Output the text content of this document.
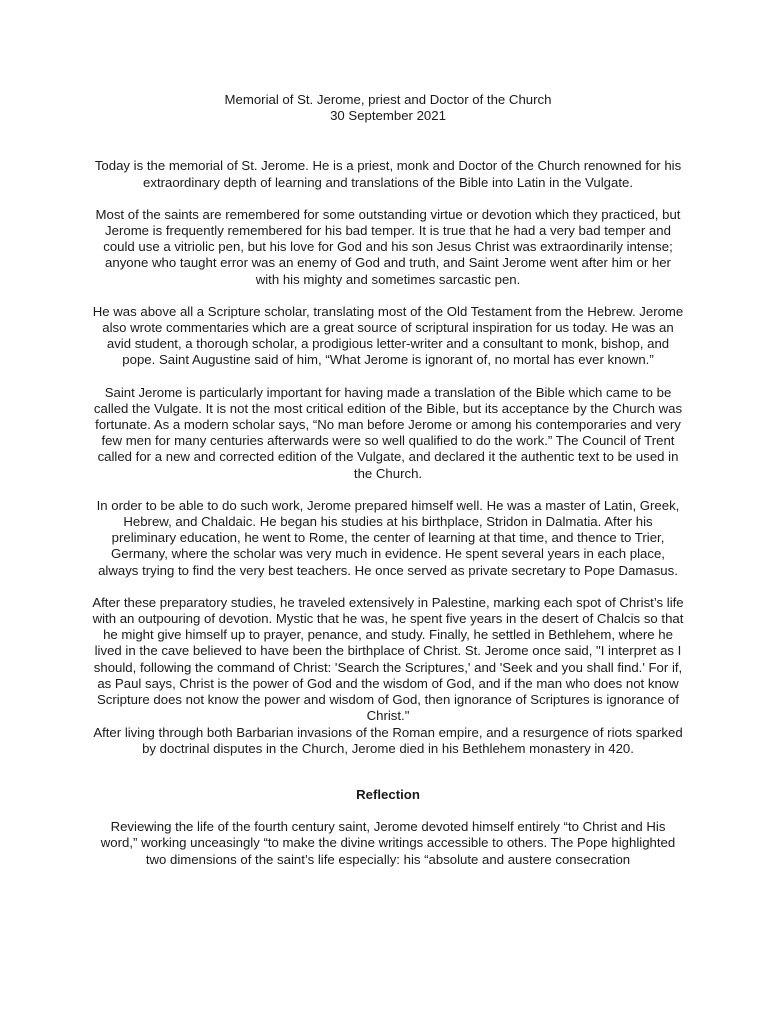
Memorial of St. Jerome, priest and Doctor of the Church
30 September 2021

Today is the memorial of St. Jerome. He is a priest, monk and Doctor of the Church renowned for his extraordinary depth of learning and translations of the Bible into Latin in the Vulgate.

Most of the saints are remembered for some outstanding virtue or devotion which they practiced, but Jerome is frequently remembered for his bad temper. It is true that he had a very bad temper and could use a vitriolic pen, but his love for God and his son Jesus Christ was extraordinarily intense; anyone who taught error was an enemy of God and truth, and Saint Jerome went after him or her with his mighty and sometimes sarcastic pen.

He was above all a Scripture scholar, translating most of the Old Testament from the Hebrew. Jerome also wrote commentaries which are a great source of scriptural inspiration for us today. He was an avid student, a thorough scholar, a prodigious letter-writer and a consultant to monk, bishop, and pope. Saint Augustine said of him, “What Jerome is ignorant of, no mortal has ever known.”

Saint Jerome is particularly important for having made a translation of the Bible which came to be called the Vulgate. It is not the most critical edition of the Bible, but its acceptance by the Church was fortunate. As a modern scholar says, “No man before Jerome or among his contemporaries and very few men for many centuries afterwards were so well qualified to do the work.” The Council of Trent called for a new and corrected edition of the Vulgate, and declared it the authentic text to be used in the Church.

In order to be able to do such work, Jerome prepared himself well. He was a master of Latin, Greek, Hebrew, and Chaldaic. He began his studies at his birthplace, Stridon in Dalmatia. After his preliminary education, he went to Rome, the center of learning at that time, and thence to Trier, Germany, where the scholar was very much in evidence. He spent several years in each place, always trying to find the very best teachers. He once served as private secretary to Pope Damasus.

After these preparatory studies, he traveled extensively in Palestine, marking each spot of Christ’s life with an outpouring of devotion. Mystic that he was, he spent five years in the desert of Chalcis so that he might give himself up to prayer, penance, and study. Finally, he settled in Bethlehem, where he lived in the cave believed to have been the birthplace of Christ. St. Jerome once said, "I interpret as I should, following the command of Christ: 'Search the Scriptures,' and 'Seek and you shall find.' For if, as Paul says, Christ is the power of God and the wisdom of God, and if the man who does not know Scripture does not know the power and wisdom of God, then ignorance of Scriptures is ignorance of Christ."

After living through both Barbarian invasions of the Roman empire, and a resurgence of riots sparked by doctrinal disputes in the Church, Jerome died in his Bethlehem monastery in 420.

Reflection

Reviewing the life of the fourth century saint, Jerome devoted himself entirely “to Christ and His word,” working unceasingly “to make the divine writings accessible to others. The Pope highlighted two dimensions of the saint’s life especially: his “absolute and austere consecration
